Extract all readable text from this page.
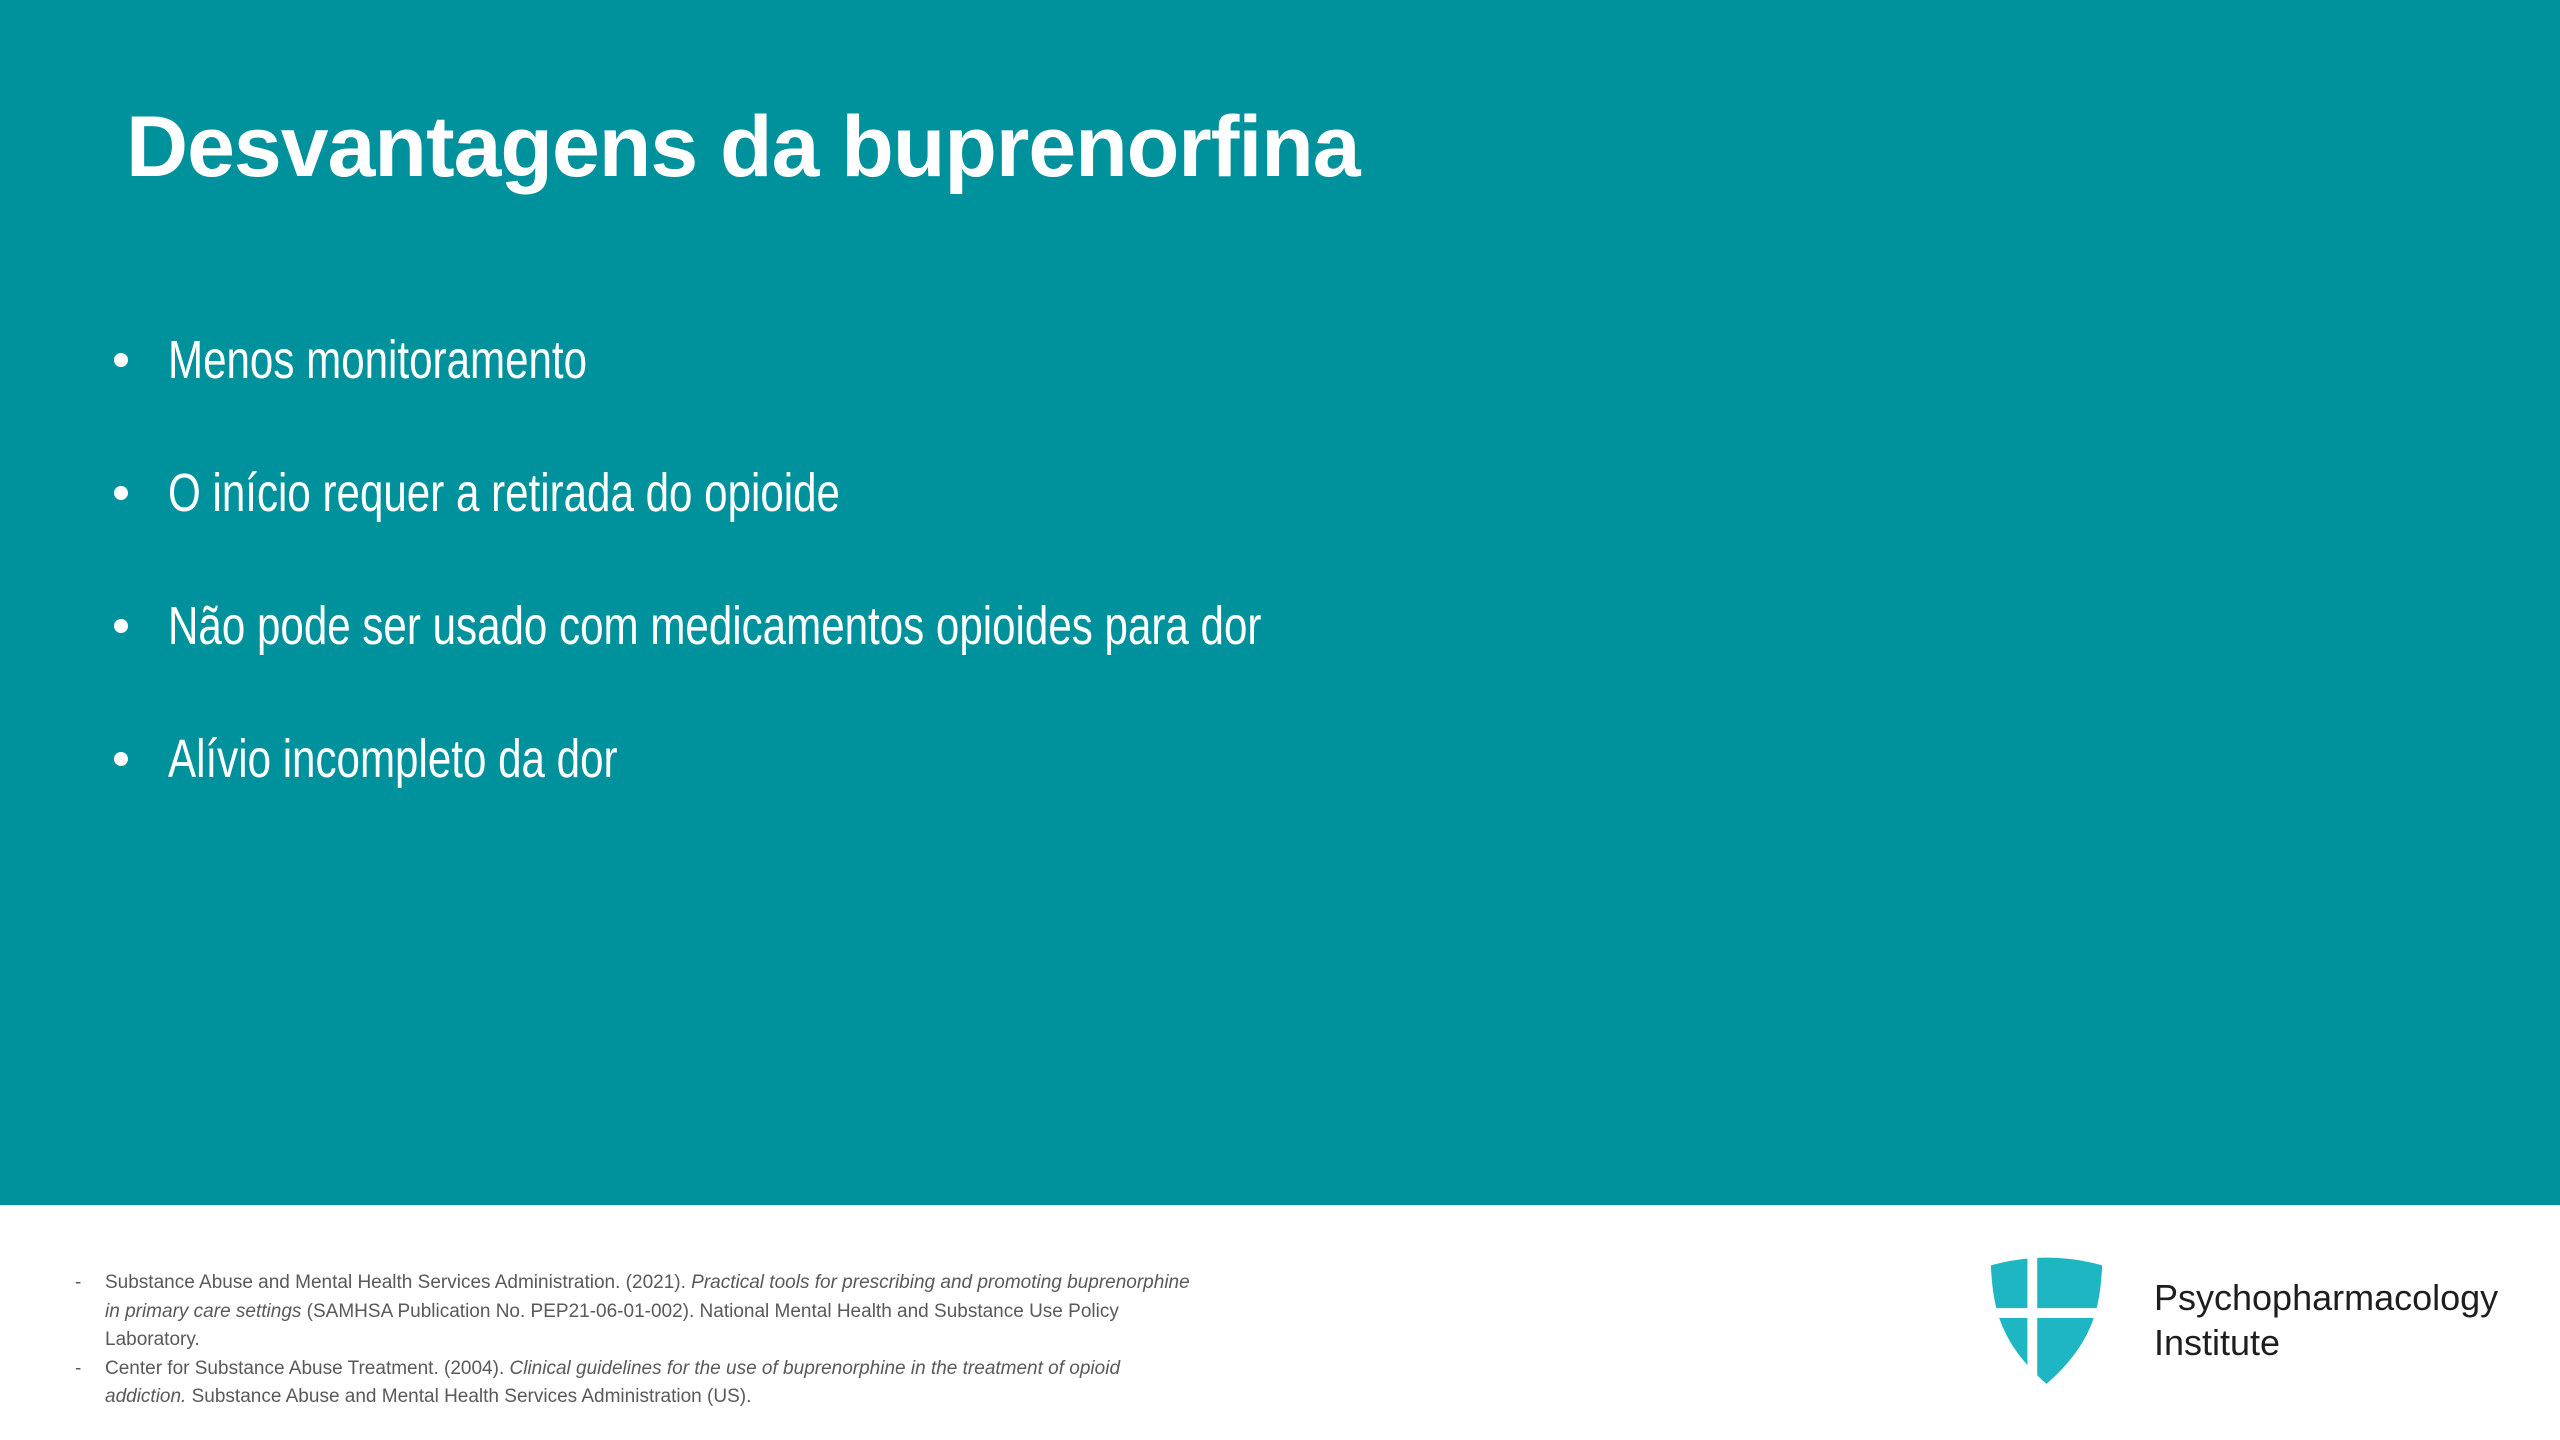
Desvantagens da buprenorfina
Menos monitoramento
O início requer a retirada do opioide
Não pode ser usado com medicamentos opioides para dor
Alívio incompleto da dor
-	Substance Abuse and Mental Health Services Administration. (2021). Practical tools for prescribing and promoting buprenorphine in primary care settings (SAMHSA Publication No. PEP21-06-01-002). National Mental Health and Substance Use Policy Laboratory.
-	Center for Substance Abuse Treatment. (2004). Clinical guidelines for the use of buprenorphine in the treatment of opioid addiction. Substance Abuse and Mental Health Services Administration (US).
Psychopharmacology
Institute
